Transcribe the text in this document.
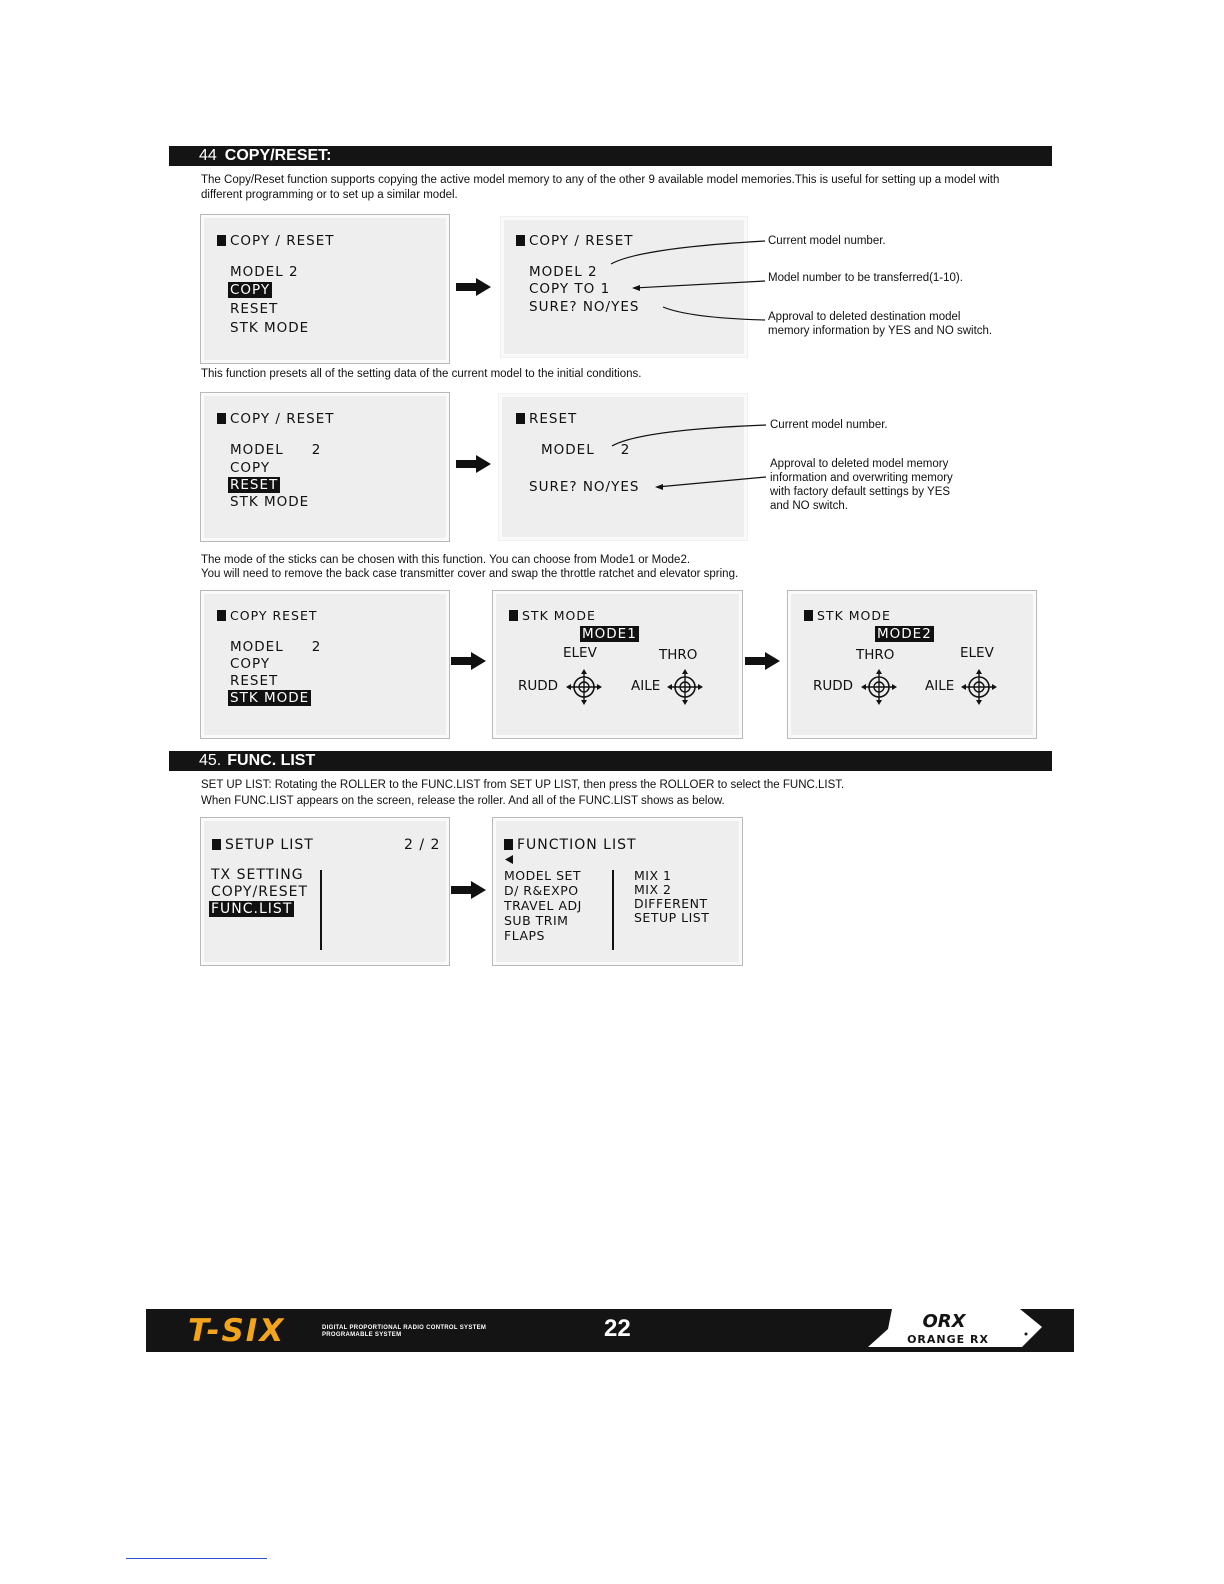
44 COPY/RESET:
The Copy/Reset function supports copying the active model memory to any of the other 9 available model memories.This is useful for setting up a model with different programming or to set up a similar model.
COPY / RESET
MODEL 2
COPY
RESET
STK MODE
COPY / RESET
MODEL 2
COPY TO 1
SURE? NO/YES
Current model number.
Model number to be transferred(1-10).
Approval to deleted destination model
memory information by YES and NO switch.
This function presets all of the setting data of the current model to the initial conditions.
COPY / RESET
MODEL 2
COPY
RESET
STK MODE
RESET
MODEL 2
SURE? NO/YES
Current model number.
Approval to deleted model memory
information and overwriting memory
with factory default settings by YES
and NO switch.
The mode of the sticks can be chosen with this function. You can choose from Mode1 or Mode2.
You will need to remove the back case transmitter cover and swap the throttle ratchet and elevator spring.
COPY RESET
MODEL 2
COPY
RESET
STK MODE
STK MODE
MODE1
ELEV	THRO
RUDD	AILE
STK MODE
MODE2
THRO	ELEV
RUDD	AILE
45. FUNC. LIST
SET UP LIST: Rotating the ROLLER to the FUNC.LIST from SET UP LIST, then press the ROLLOER to select the FUNC.LIST.
When FUNC.LIST appears on the screen, release the roller. And all of the FUNC.LIST shows as below.
SETUP LIST	2 / 2
TX SETTING
COPY/RESET
FUNC.LIST
FUNCTION LIST
MODEL SET
D/ R&EXPO
TRAVEL ADJ
SUB TRIM
FLAPS
MIX 1
MIX 2
DIFFERENT
SETUP LIST
T-SIX	DIGITAL PROPORTIONAL RADIO CONTROL SYSTEM
PROGRAMABLE SYSTEM	22	ORX
ORANGE RX
